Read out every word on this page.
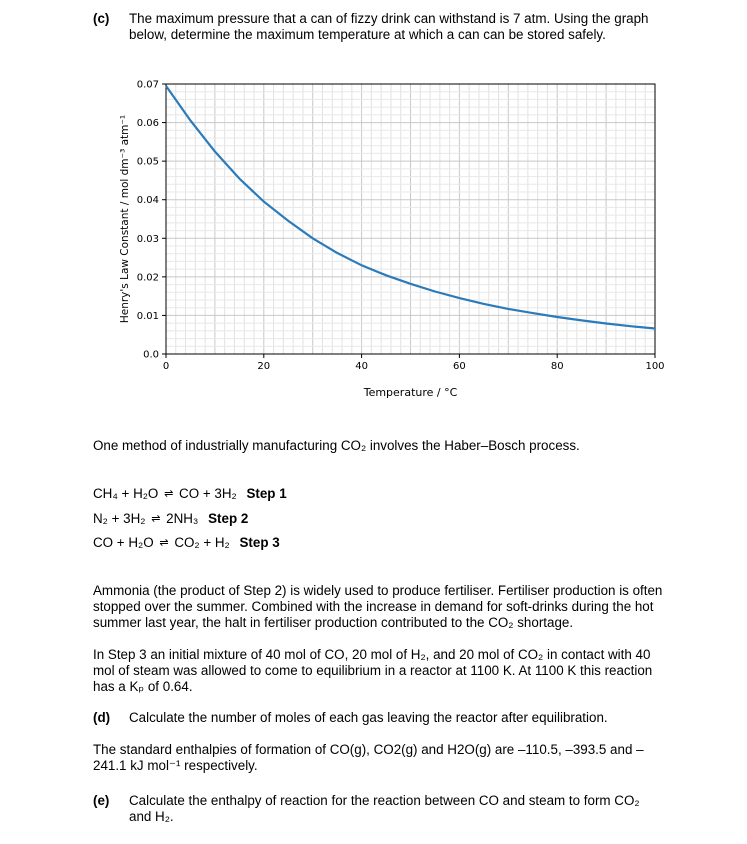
(c) The maximum pressure that a can of fizzy drink can withstand is 7 atm. Using the graph
below, determine the maximum temperature at which a can can be stored safely.
0	20	40	60	80	100
0.0
0.01
0.02
0.03
0.04
0.05
0.06
0.07
Temperature / °C
Henry's Law Constant / mol dm⁻³ atm⁻¹
One method of industrially manufacturing CO₂ involves the Haber–Bosch process.
CH₄ + H₂O ⇌ CO + 3H₂ Step 1
N₂ + 3H₂ ⇌ 2NH₃ Step 2
CO + H₂O ⇌ CO₂ + H₂ Step 3
Ammonia (the product of Step 2) is widely used to produce fertiliser. Fertiliser production is often stopped over the summer. Combined with the increase in demand for soft-drinks during the hot summer last year, the halt in fertiliser production contributed to the CO₂ shortage.
In Step 3 an initial mixture of 40 mol of CO, 20 mol of H₂, and 20 mol of CO₂ in contact with 40 mol of steam was allowed to come to equilibrium in a reactor at 1100 K. At 1100 K this reaction has a Kₚ of 0.64.
(d) Calculate the number of moles of each gas leaving the reactor after equilibration.
The standard enthalpies of formation of CO(g), CO2(g) and H2O(g) are –110.5, –393.5 and –241.1 kJ mol⁻¹ respectively.
(e) Calculate the enthalpy of reaction for the reaction between CO and steam to form CO₂
and H₂.
